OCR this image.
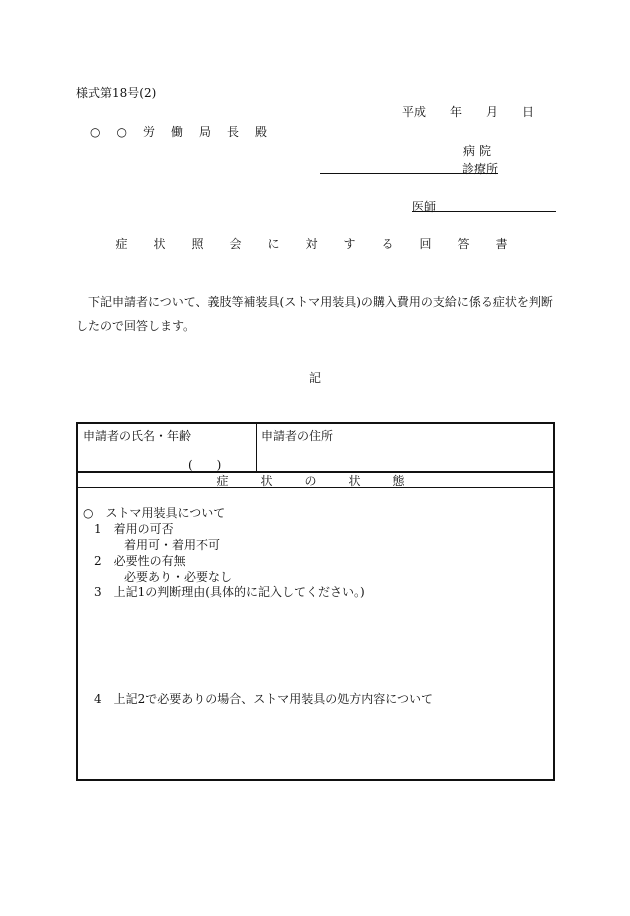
様式第18号(2)
平成　　年　　月　　日
○　○　労　働　局　長　殿
病院
診療所
医師
症　状　照　会　に　対　す　る　回　答　書
下記申請者について、義肢等補装具(ストマ用装具)の購入費用の支給に係る症状を判断したので回答します。
記
申請者の氏名・年齢
(　　)
申請者の住所
症　状　の　状　態
○　ストマ用装具について
1　着用の可否
着用可・着用不可
2　必要性の有無
必要あり・必要なし
3　上記1の判断理由(具体的に記入してください。)
4　上記2で必要ありの場合、ストマ用装具の処方内容について
